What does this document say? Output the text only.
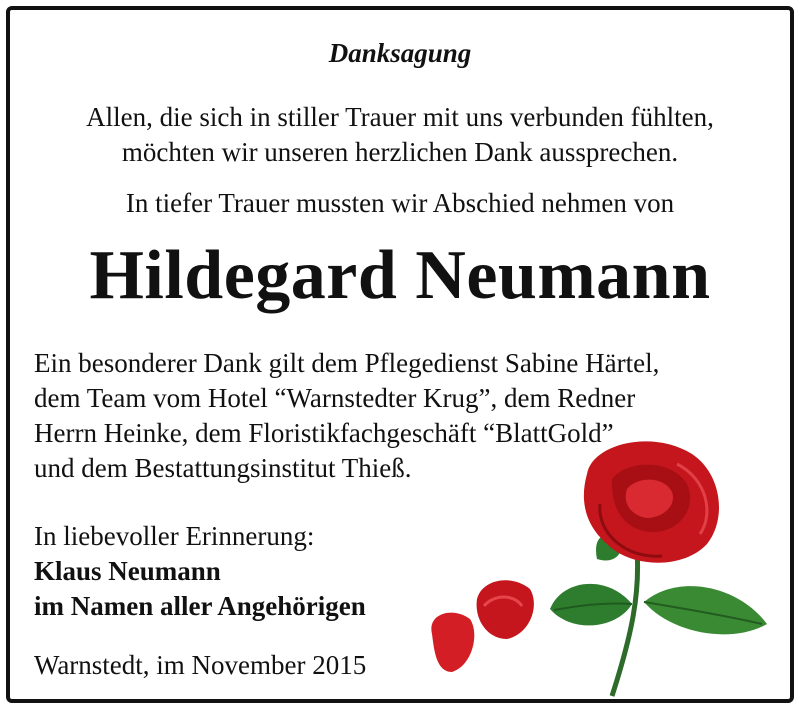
Danksagung
Allen, die sich in stiller Trauer mit uns verbunden fühlten,
möchten wir unseren herzlichen Dank aussprechen.
In tiefer Trauer mussten wir Abschied nehmen von
Hildegard Neumann
Ein besonderer Dank gilt dem Pflegedienst Sabine Härtel,
dem Team vom Hotel “Warnstedter Krug”, dem Redner
Herrn Heinke, dem Floristikfachgeschäft “BlattGold”
und dem Bestattungsinstitut Thieß.
In liebevoller Erinnerung:
Klaus Neumann
im Namen aller Angehörigen
Warnstedt, im November 2015
